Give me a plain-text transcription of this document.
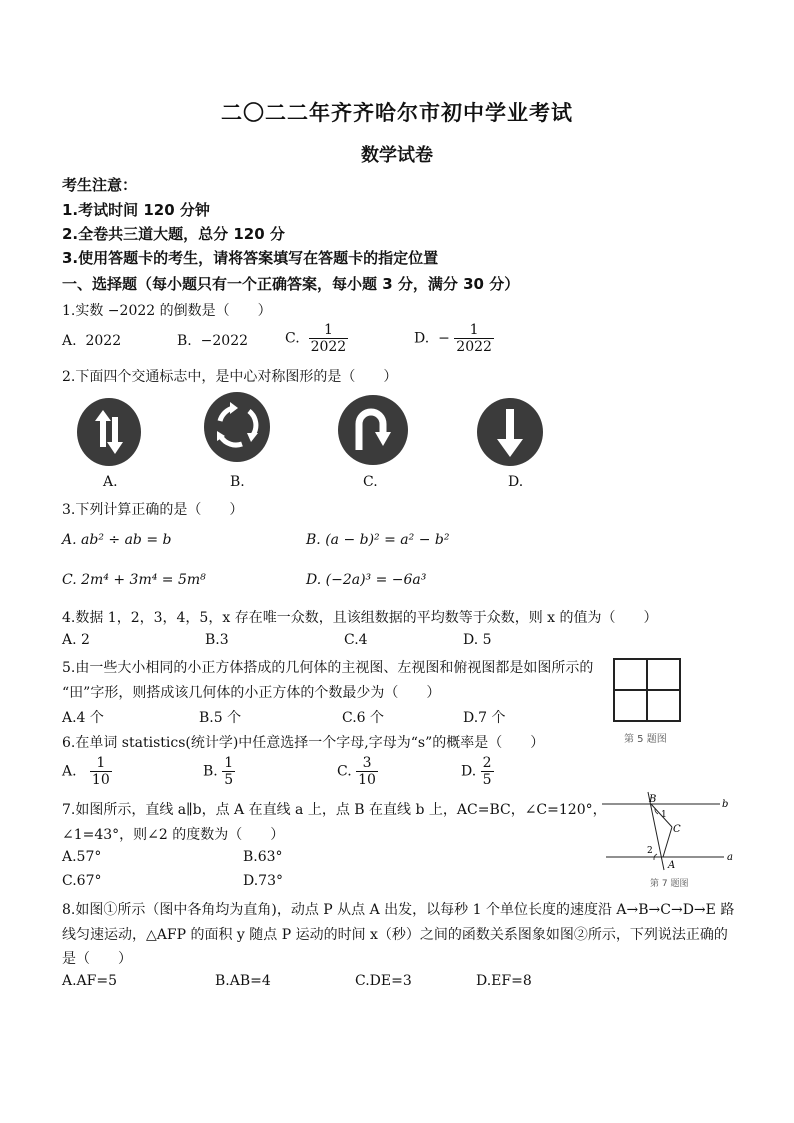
二〇二二年齐齐哈尔市初中学业考试
数学试卷
考生注意：
1.考试时间 120 分钟
2.全卷共三道大题，总分 120 分
3.使用答题卡的考生，请将答案填写在答题卡的指定位置
一、选择题（每小题只有一个正确答案，每小题 3 分，满分 30 分）
1.实数 −2022 的倒数是（　　）
A. 2022	B. −2022	C. $\frac{1}{2022}$	D. − $\frac{1}{2022}$
2.下面四个交通标志中，是中心对称图形的是（　　）
A.	B.	C.	D.
3.下列计算正确的是（　　）
A. ab² ÷ ab = b	B. (a − b)² = a² − b²
C. 2m⁴ + 3m⁴ = 5m⁸	D. (−2a)³ = −6a³
4.数据 1，2，3，4，5，x 存在唯一众数，且该组数据的平均数等于众数，则 x 的值为（　　）
A. 2	B.3	C.4	D. 5
5.由一些大小相同的小正方体搭成的几何体的主视图、左视图和俯视图都是如图所示的
“田”字形，则搭成该几何体的小正方体的个数最少为（　　）
A.4 个	B.5 个	C.6 个	D.7 个
第 5 题图
6.在单词 statistics(统计学)中任意选择一个字母,字母为“s”的概率是（　　）
A. $\frac{1}{10}$	B. $\frac{1}{5}$	C. $\frac{3}{10}$	D. $\frac{2}{5}$
7.如图所示，直线 a∥b，点 A 在直线 a 上，点 B 在直线 b 上，AC=BC，∠C=120°，
∠1=43°，则∠2 的度数为（　　）
A.57°	B.63°
C.67°	D.73°
B	b
1
C
2
A
a
第 7 题图
8.如图①所示（图中各角均为直角)，动点 P 从点 A 出发，以每秒 1 个单位长度的速度沿 A→B→C→D→E 路
线匀速运动，△AFP 的面积 y 随点 P 运动的时间 x（秒）之间的函数关系图象如图②所示，下列说法正确的
是（　　）
A.AF=5	B.AB=4	C.DE=3	D.EF=8
